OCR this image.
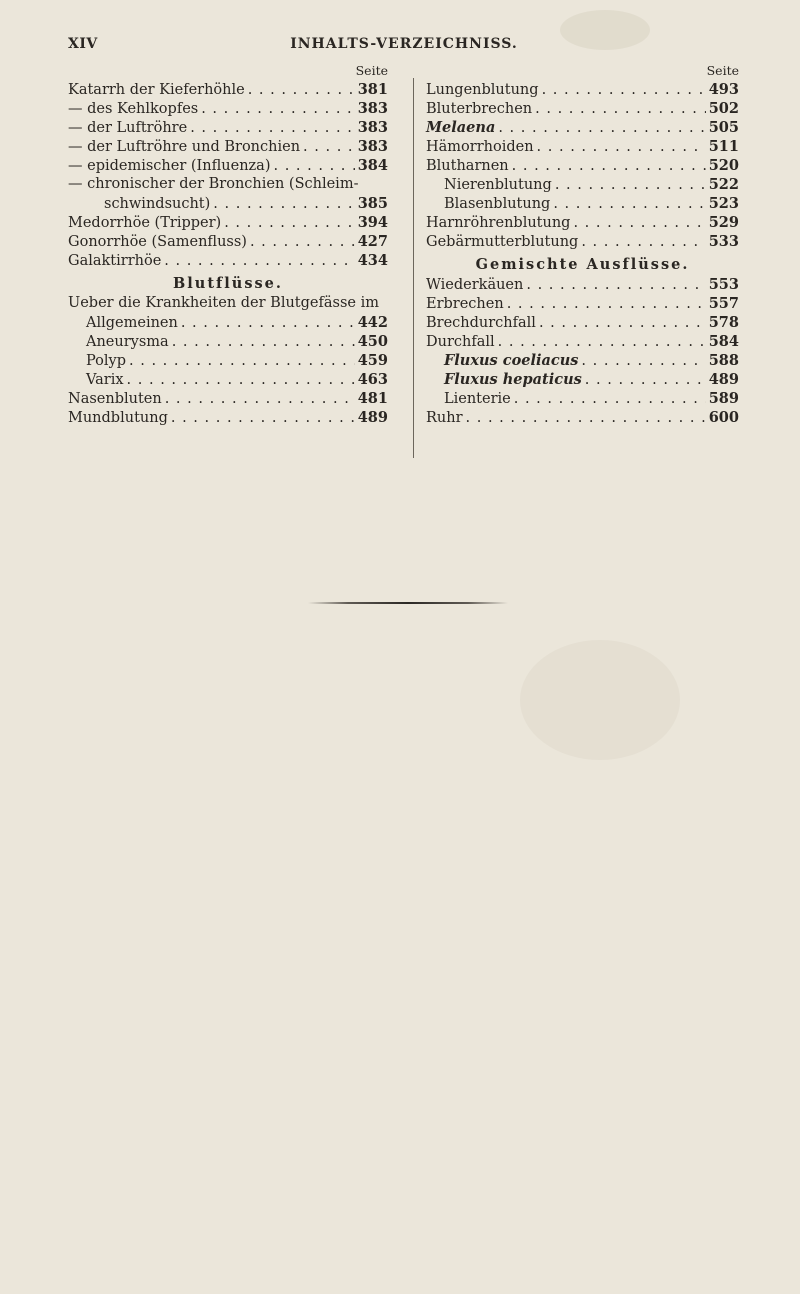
XIV	INHALTS-VERZEICHNISS.
Seite
Katarrh der Kieferhöhle . . .	381
— des Kehlkopfes . . .	383
— der Luftröhre . . .	383
— der Luftröhre und Bronchien . . .	383
— epidemischer (Influenza) . . .	384
— chronischer der Bronchien (Schleim-
schwindsucht) . . .	385
Medorrhöe (Tripper) . . .	394
Gonorrhöe (Samenfluss) . . .	427
Galaktirrhöe . . .	434
Blutflüsse.
Ueber die Krankheiten der Blutgefässe im
Allgemeinen . . .	442
Aneurysma . . .	450
Polyp . . .	459
Varix . . .	463
Nasenbluten . . .	481
Mundblutung . . .	489
Seite
Lungenblutung . . .	493
Bluterbrechen . . .	502
Melaena . . .	505
Hämorrhoiden . . .	511
Blutharnen . . .	520
Nierenblutung . . .	522
Blasenblutung . . .	523
Harnröhrenblutung . . .	529
Gebärmutterblutung . . .	533
Gemischte Ausflüsse.
Wiederkäuen . . .	553
Erbrechen . . .	557
Brechdurchfall . . .	578
Durchfall . . .	584
Fluxus coeliacus . . .	588
Fluxus hepaticus . . .	489
Lienterie . . .	589
Ruhr . . .	600
